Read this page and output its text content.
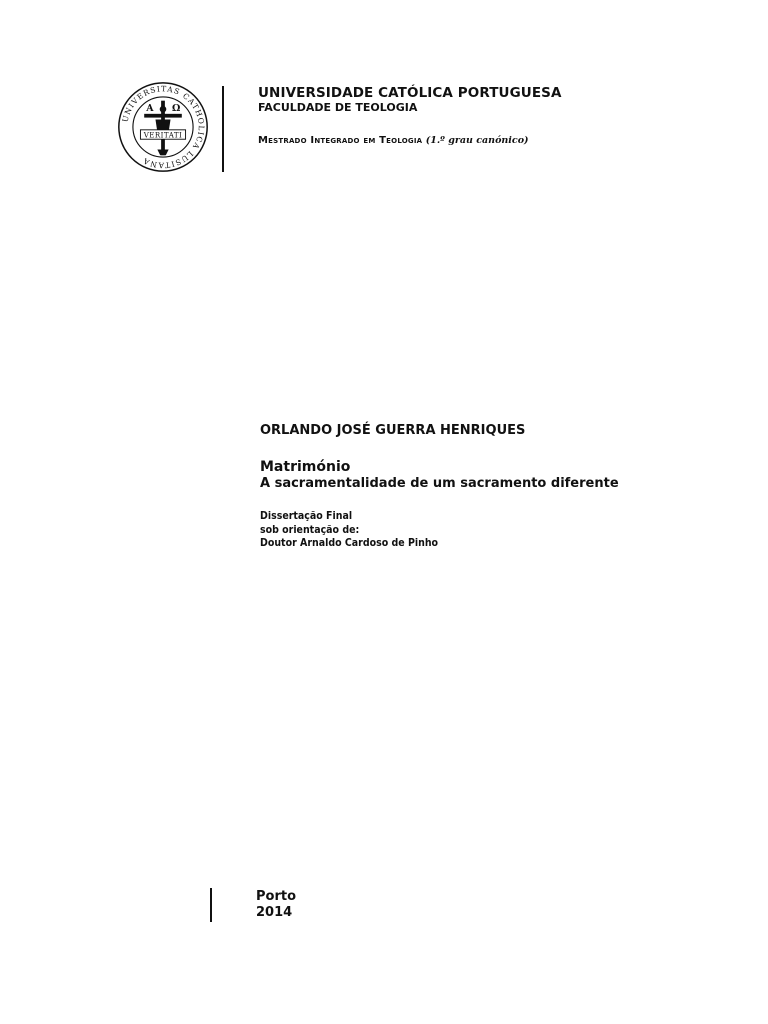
UNIVERSITAS CATHOLICA LUSITANA
A Ω
VERITATI
UNIVERSIDADE CATÓLICA PORTUGUESA
FACULDADE DE TEOLOGIA
Mestrado Integrado em Teologia (1.º grau canónico)
ORLANDO JOSÉ GUERRA HENRIQUES
Matrimónio
A sacramentalidade de um sacramento diferente
Dissertação Final
sob orientação de:
Doutor Arnaldo Cardoso de Pinho
Porto
2014
